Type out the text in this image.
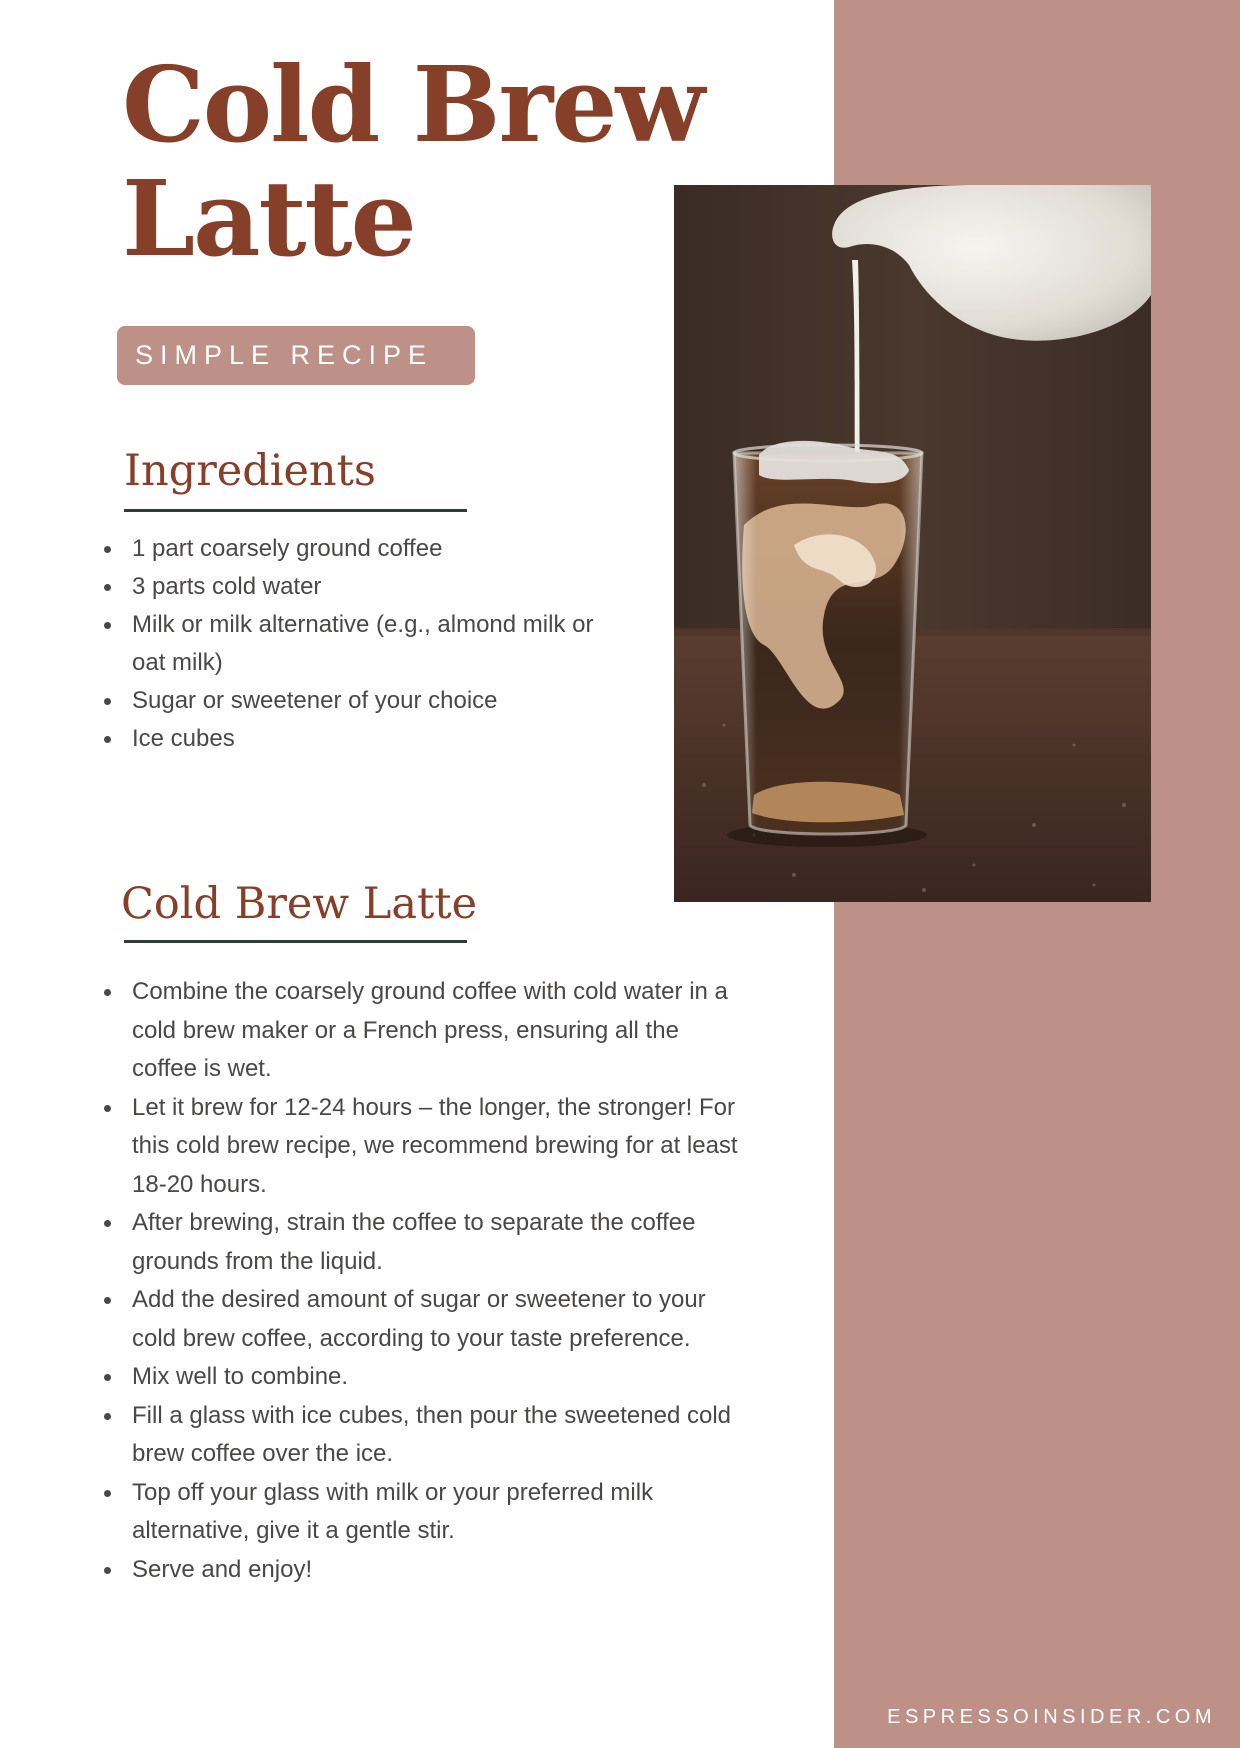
Cold Brew Latte
SIMPLE RECIPE
Ingredients
1 part coarsely ground coffee
3 parts cold water
Milk or milk alternative (e.g., almond milk or oat milk)
Sugar or sweetener of your choice
Ice cubes
Cold Brew Latte
Combine the coarsely ground coffee with cold water in a cold brew maker or a French press, ensuring all the coffee is wet.
Let it brew for 12-24 hours – the longer, the stronger! For this cold brew recipe, we recommend brewing for at least 18-20 hours.
After brewing, strain the coffee to separate the coffee grounds from the liquid.
Add the desired amount of sugar or sweetener to your cold brew coffee, according to your taste preference.
Mix well to combine.
Fill a glass with ice cubes, then pour the sweetened cold brew coffee over the ice.
Top off your glass with milk or your preferred milk alternative, give it a gentle stir.
Serve and enjoy!
ESPRESSOINSIDER.COM
